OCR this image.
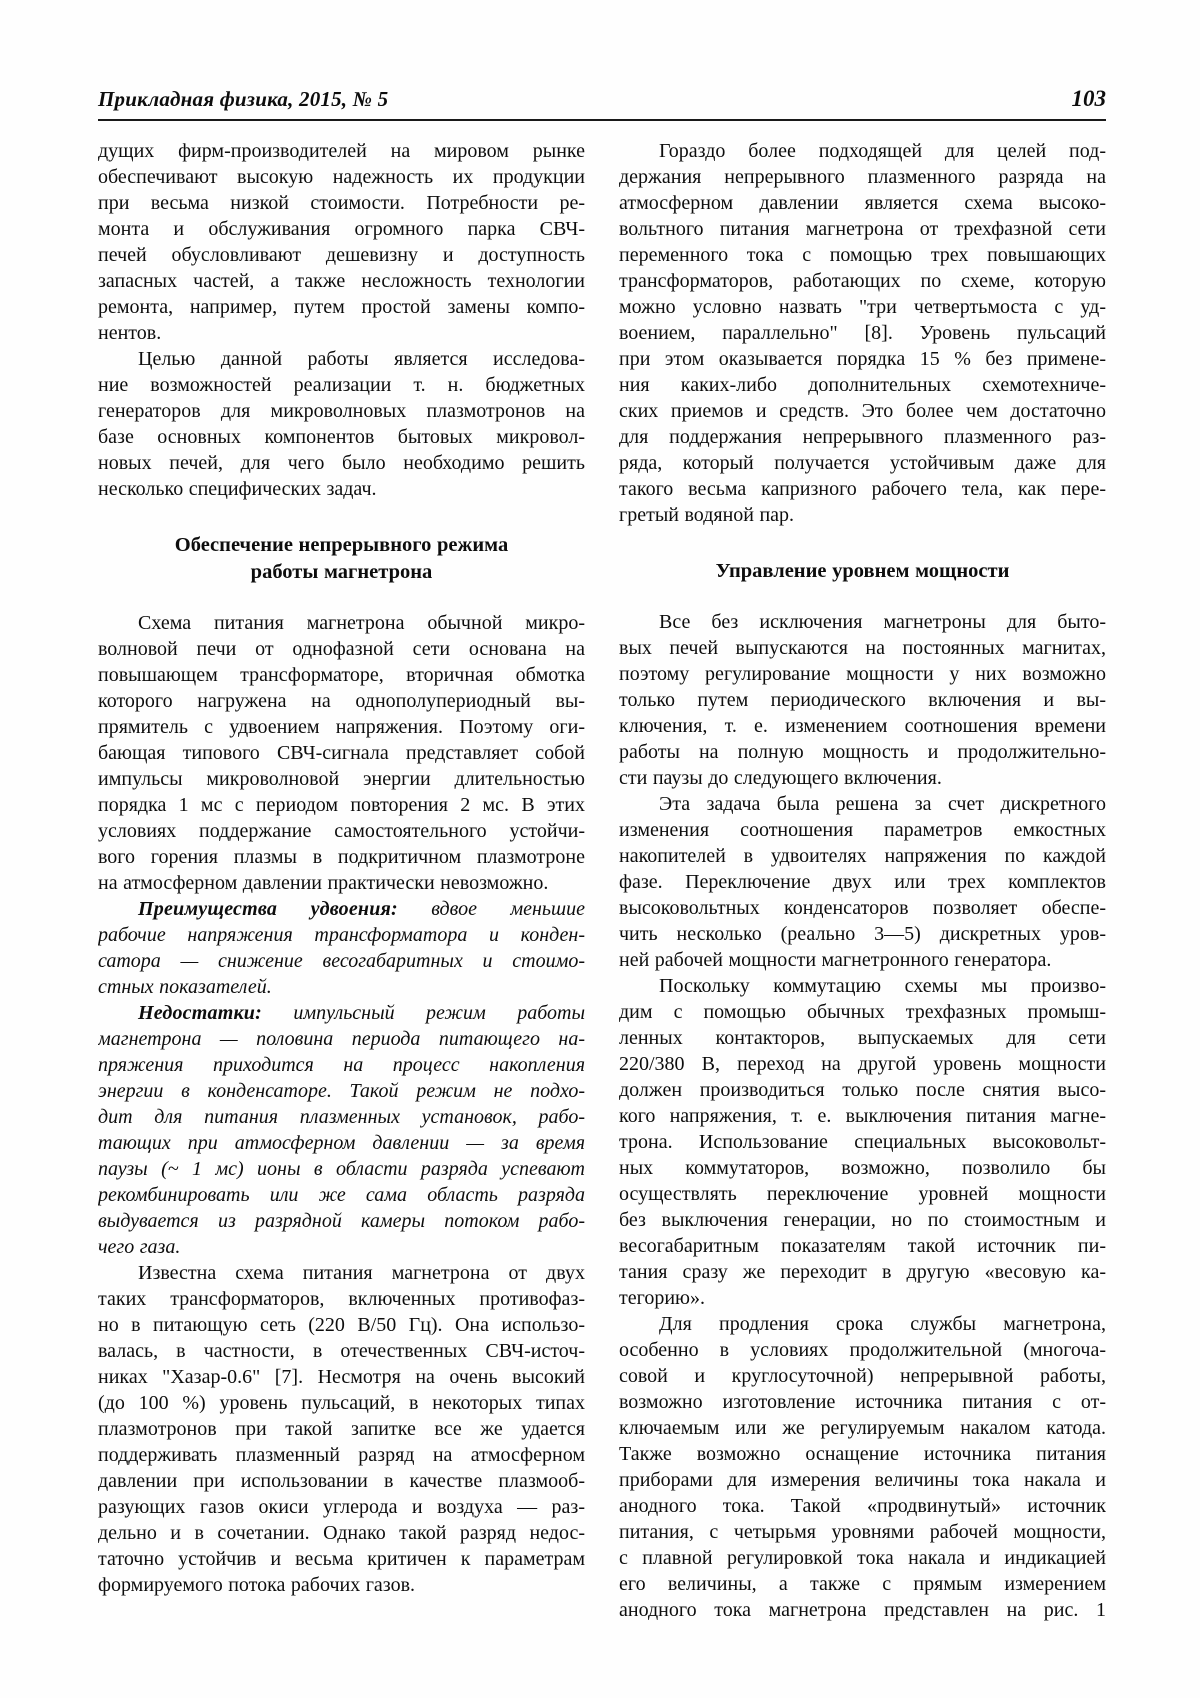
Прикладная физика, 2015, № 5	103
дущих фирм-производителей на мировом рынке
обеспечивают высокую надежность их продукции
при весьма низкой стоимости. Потребности ре-
монта и обслуживания огромного парка СВЧ-
печей обусловливают дешевизну и доступность
запасных частей, а также несложность технологии
ремонта, например, путем простой замены компо-
нентов.
Целью данной работы является исследова-
ние возможностей реализации т. н. бюджетных
генераторов для микроволновых плазмотронов на
базе основных компонентов бытовых микровол-
новых печей, для чего было необходимо решить
несколько специфических задач.
Обеспечение непрерывного режима
работы магнетрона
Схема питания магнетрона обычной микро-
волновой печи от однофазной сети основана на
повышающем трансформаторе, вторичная обмотка
которого нагружена на однополупериодный вы-
прямитель с удвоением напряжения. Поэтому оги-
бающая типового СВЧ-сигнала представляет собой
импульсы микроволновой энергии длительностью
порядка 1 мс с периодом повторения 2 мс. В этих
условиях поддержание самостоятельного устойчи-
вого горения плазмы в подкритичном плазмотроне
на атмосферном давлении практически невозможно.
Преимущества удвоения: вдвое меньшие
рабочие напряжения трансформатора и конден-
сатора — снижение весогабаритных и стоимо-
стных показателей.
Недостатки: импульсный режим работы
магнетрона — половина периода питающего на-
пряжения приходится на процесс накопления
энергии в конденсаторе. Такой режим не подхо-
дит для питания плазменных установок, рабо-
тающих при атмосферном давлении — за время
паузы (~ 1 мс) ионы в области разряда успевают
рекомбинировать или же сама область разряда
выдувается из разрядной камеры потоком рабо-
чего газа.
Известна схема питания магнетрона от двух
таких трансформаторов, включенных противофаз-
но в питающую сеть (220 В/50 Гц). Она использо-
валась, в частности, в отечественных СВЧ-источ-
никах "Хазар-0.6" [7]. Несмотря на очень высокий
(до 100 %) уровень пульсаций, в некоторых типах
плазмотронов при такой запитке все же удается
поддерживать плазменный разряд на атмосферном
давлении при использовании в качестве плазмооб-
разующих газов окиси углерода и воздуха — раз-
дельно и в сочетании. Однако такой разряд недос-
таточно устойчив и весьма критичен к параметрам
формируемого потока рабочих газов.
Гораздо более подходящей для целей под-
держания непрерывного плазменного разряда на
атмосферном давлении является схема высоко-
вольтного питания магнетрона от трехфазной сети
переменного тока с помощью трех повышающих
трансформаторов, работающих по схеме, которую
можно условно назвать "три четвертьмоста с уд-
воением, параллельно" [8]. Уровень пульсаций
при этом оказывается порядка 15 % без примене-
ния каких-либо дополнительных схемотехниче-
ских приемов и средств. Это более чем достаточно
для поддержания непрерывного плазменного раз-
ряда, который получается устойчивым даже для
такого весьма капризного рабочего тела, как пере-
гретый водяной пар.
Управление уровнем мощности
Все без исключения магнетроны для быто-
вых печей выпускаются на постоянных магнитах,
поэтому регулирование мощности у них возможно
только путем периодического включения и вы-
ключения, т. е. изменением соотношения времени
работы на полную мощность и продолжительно-
сти паузы до следующего включения.
Эта задача была решена за счет дискретного
изменения соотношения параметров емкостных
накопителей в удвоителях напряжения по каждой
фазе. Переключение двух или трех комплектов
высоковольтных конденсаторов позволяет обеспе-
чить несколько (реально 3—5) дискретных уров-
ней рабочей мощности магнетронного генератора.
Поскольку коммутацию схемы мы произво-
дим с помощью обычных трехфазных промыш-
ленных контакторов, выпускаемых для сети
220/380 В, переход на другой уровень мощности
должен производиться только после снятия высо-
кого напряжения, т. е. выключения питания магне-
трона. Использование специальных высоковольт-
ных коммутаторов, возможно, позволило бы
осуществлять переключение уровней мощности
без выключения генерации, но по стоимостным и
весогабаритным показателям такой источник пи-
тания сразу же переходит в другую «весовую ка-
тегорию».
Для продления срока службы магнетрона,
особенно в условиях продолжительной (многоча-
совой и круглосуточной) непрерывной работы,
возможно изготовление источника питания с от-
ключаемым или же регулируемым накалом катода.
Также возможно оснащение источника питания
приборами для измерения величины тока накала и
анодного тока. Такой «продвинутый» источник
питания, с четырьмя уровнями рабочей мощности,
с плавной регулировкой тока накала и индикацией
его величины, а также с прямым измерением
анодного тока магнетрона представлен на рис. 1
